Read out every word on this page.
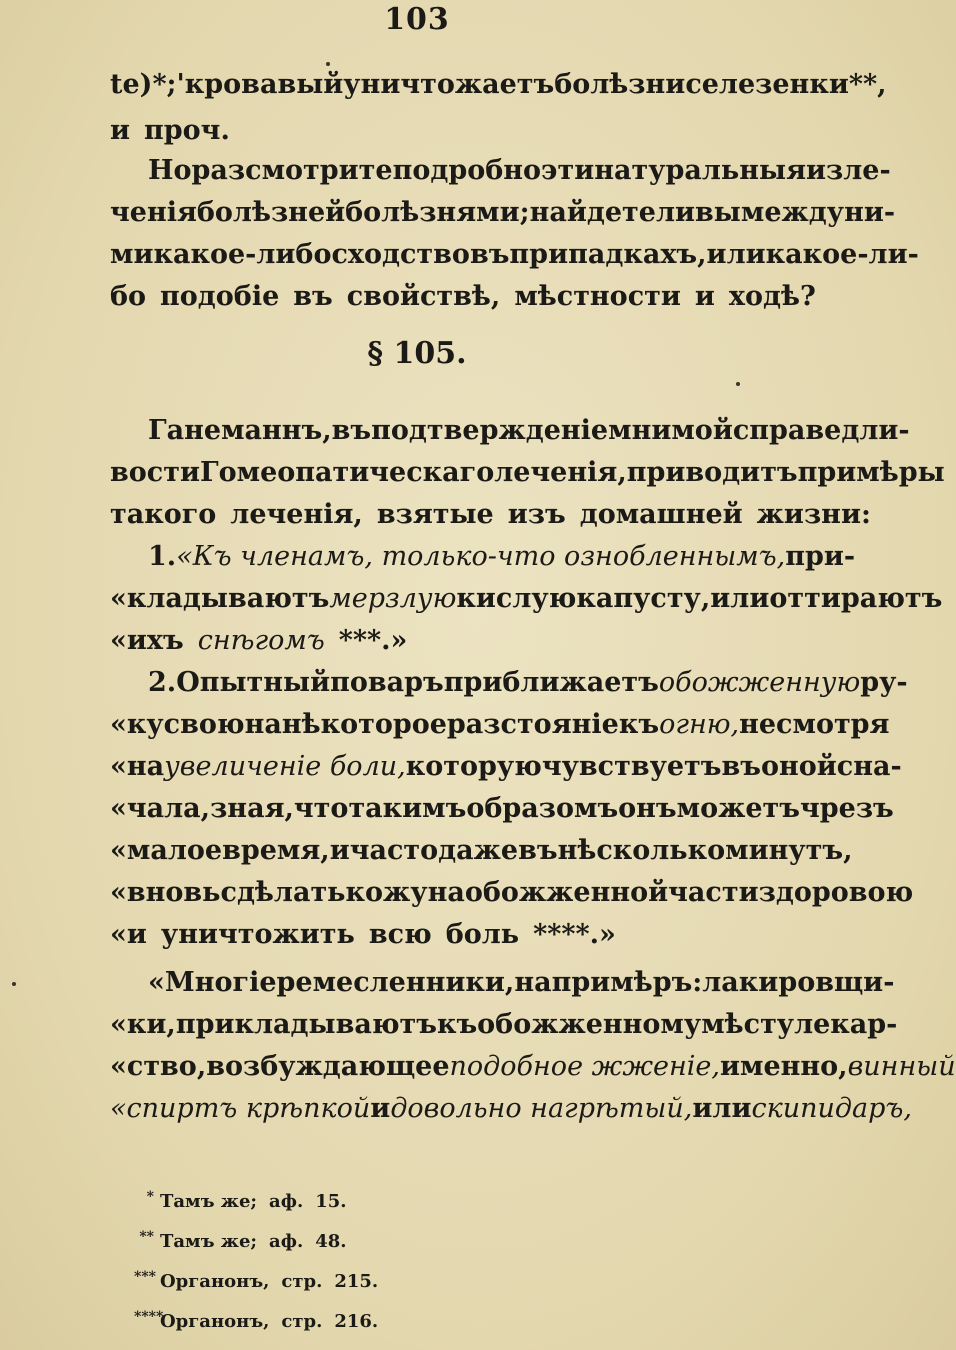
103
te) *; 'кровавый уничтожаетъ болѣзни селезенки **,
и проч.
Но разсмотрите подробно эти натуральныя изле-
ченія болѣзней болѣзнями; найдете ли вы между ни-
ми какое-либо сходство въ припадкахъ, или какое-ли-
бо подобіе въ свойствѣ, мѣстности и ходѣ?
Ганеманнъ, въ подтвержденіе мнимой справедли-
вости Гомеопатическаго леченія, приводитъ примѣры
такого леченія, взятые изъ домашней жизни:
1. «Къ членамъ, только-что ознобленнымъ, при-
«кладываютъ мерзлую кислую капусту, или оттираютъ
«ихъ снѣгомъ ***.»
2. Опытный поваръ приближаетъ обожженную ру-
«ку свою на нѣкоторое разстояніе къ огню, несмотря
«на увеличеніе боли, которую чувствуетъ въ оной сна-
«чала, зная, что такимъ образомъ онъ можетъ чрезъ
«малое время, и часто даже въ нѣсколько минутъ,
«вновь сдѣлать кожу на обожженной части здоровою
«и уничтожить всю боль ****.»
«Многіе ремесленники, напримѣръ: лакировщи-
«ки, прикладываютъ къ обожженному мѣсту лекар-
«ство, возбуждающее подобное жженіе, именно, винный
«спиртъ крѣпкой и довольно нагрѣтый, или скипидаръ,
§ 105.
* Тамъ же; аф. 15.
** Тамъ же; аф. 48.
*** Органонъ, стр. 215.
****Органонъ, стр. 216.
